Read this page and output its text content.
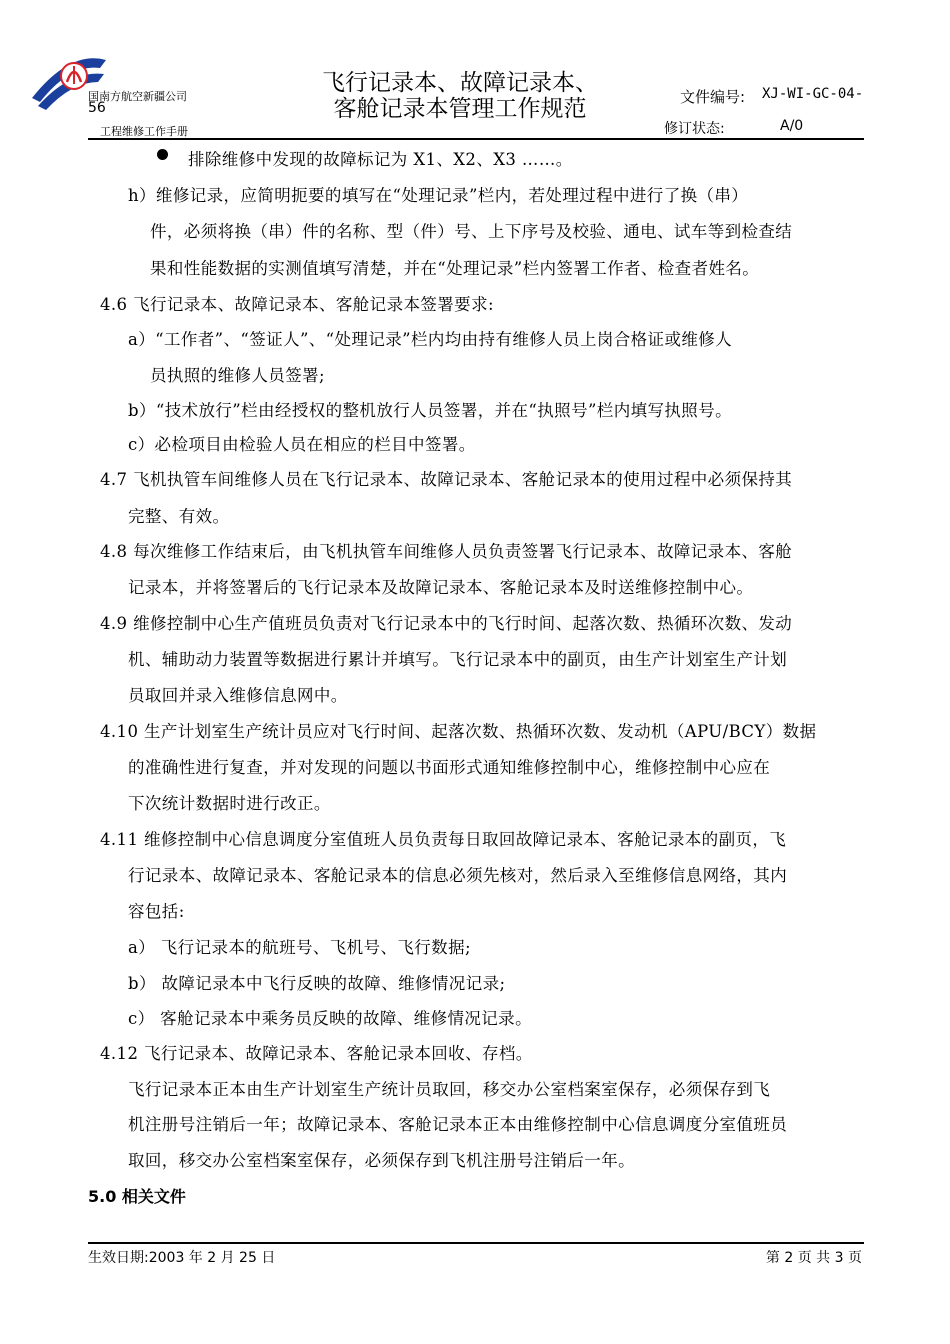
国南方航空新疆公司
56
工程维修工作手册
飞行记录本、故障记录本、
客舱记录本管理工作规范	文件编号: XJ-WI-GC-04-
修订状态:	A/0
排除维修中发现的故障标记为 X1、X2、X3 ……。
h）维修记录，应简明扼要的填写在“处理记录”栏内，若处理过程中进行了换（串）
件，必须将换（串）件的名称、型（件）号、上下序号及校验、通电、试车等到检查结
果和性能数据的实测值填写清楚，并在“处理记录”栏内签署工作者、检查者姓名。
4.6 飞行记录本、故障记录本、客舱记录本签署要求:
a）“工作者”、“签证人”、“处理记录”栏内均由持有维修人员上岗合格证或维修人
员执照的维修人员签署;
b）“技术放行”栏由经授权的整机放行人员签署，并在“执照号”栏内填写执照号。
c）必检项目由检验人员在相应的栏目中签署。
4.7 飞机执管车间维修人员在飞行记录本、故障记录本、客舱记录本的使用过程中必须保持其
完整、有效。
4.8 每次维修工作结束后，由飞机执管车间维修人员负责签署飞行记录本、故障记录本、客舱
记录本，并将签署后的飞行记录本及故障记录本、客舱记录本及时送维修控制中心。
4.9 维修控制中心生产值班员负责对飞行记录本中的飞行时间、起落次数、热循环次数、发动
机、辅助动力装置等数据进行累计并填写。飞行记录本中的副页，由生产计划室生产计划
员取回并录入维修信息网中。
4.10 生产计划室生产统计员应对飞行时间、起落次数、热循环次数、发动机（APU/BCY）数据
的准确性进行复查，并对发现的问题以书面形式通知维修控制中心，维修控制中心应在
下次统计数据时进行改正。
4.11 维修控制中心信息调度分室值班人员负责每日取回故障记录本、客舱记录本的副页，飞
行记录本、故障记录本、客舱记录本的信息必须先核对，然后录入至维修信息网络，其内
容包括:
a） 飞行记录本的航班号、飞机号、飞行数据;
b） 故障记录本中飞行反映的故障、维修情况记录;
c） 客舱记录本中乘务员反映的故障、维修情况记录。
4.12 飞行记录本、故障记录本、客舱记录本回收、存档。
飞行记录本正本由生产计划室生产统计员取回，移交办公室档案室保存，必须保存到飞
机注册号注销后一年；故障记录本、客舱记录本正本由维修控制中心信息调度分室值班员
取回，移交办公室档案室保存，必须保存到飞机注册号注销后一年。
5.0 相关文件
生效日期:2003 年 2 月 25 日	第 2 页 共 3 页
